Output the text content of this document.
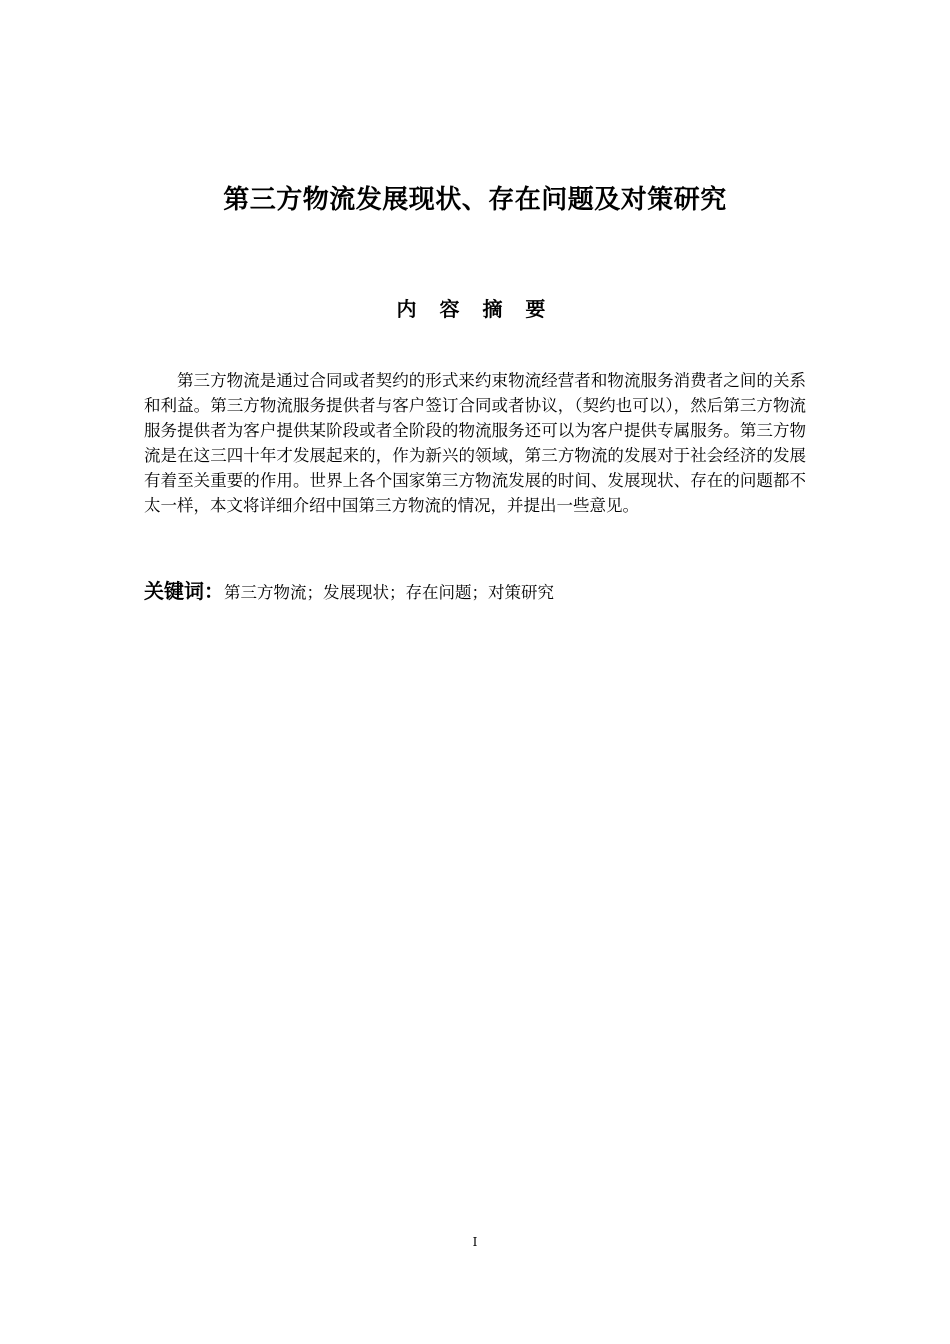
第三方物流发展现状、存在问题及对策研究
内 容 摘 要
第三方物流是通过合同或者契约的形式来约束物流经营者和物流服务消费者之间的关系和利益。第三方物流服务提供者与客户签订合同或者协议，（契约也可以），然后第三方物流服务提供者为客户提供某阶段或者全阶段的物流服务还可以为客户提供专属服务。第三方物流是在这三四十年才发展起来的，作为新兴的领域，第三方物流的发展对于社会经济的发展有着至关重要的作用。世界上各个国家第三方物流发展的时间、发展现状、存在的问题都不太一样，本文将详细介绍中国第三方物流的情况，并提出一些意见。
关键词：第三方物流；发展现状；存在问题；对策研究
I
